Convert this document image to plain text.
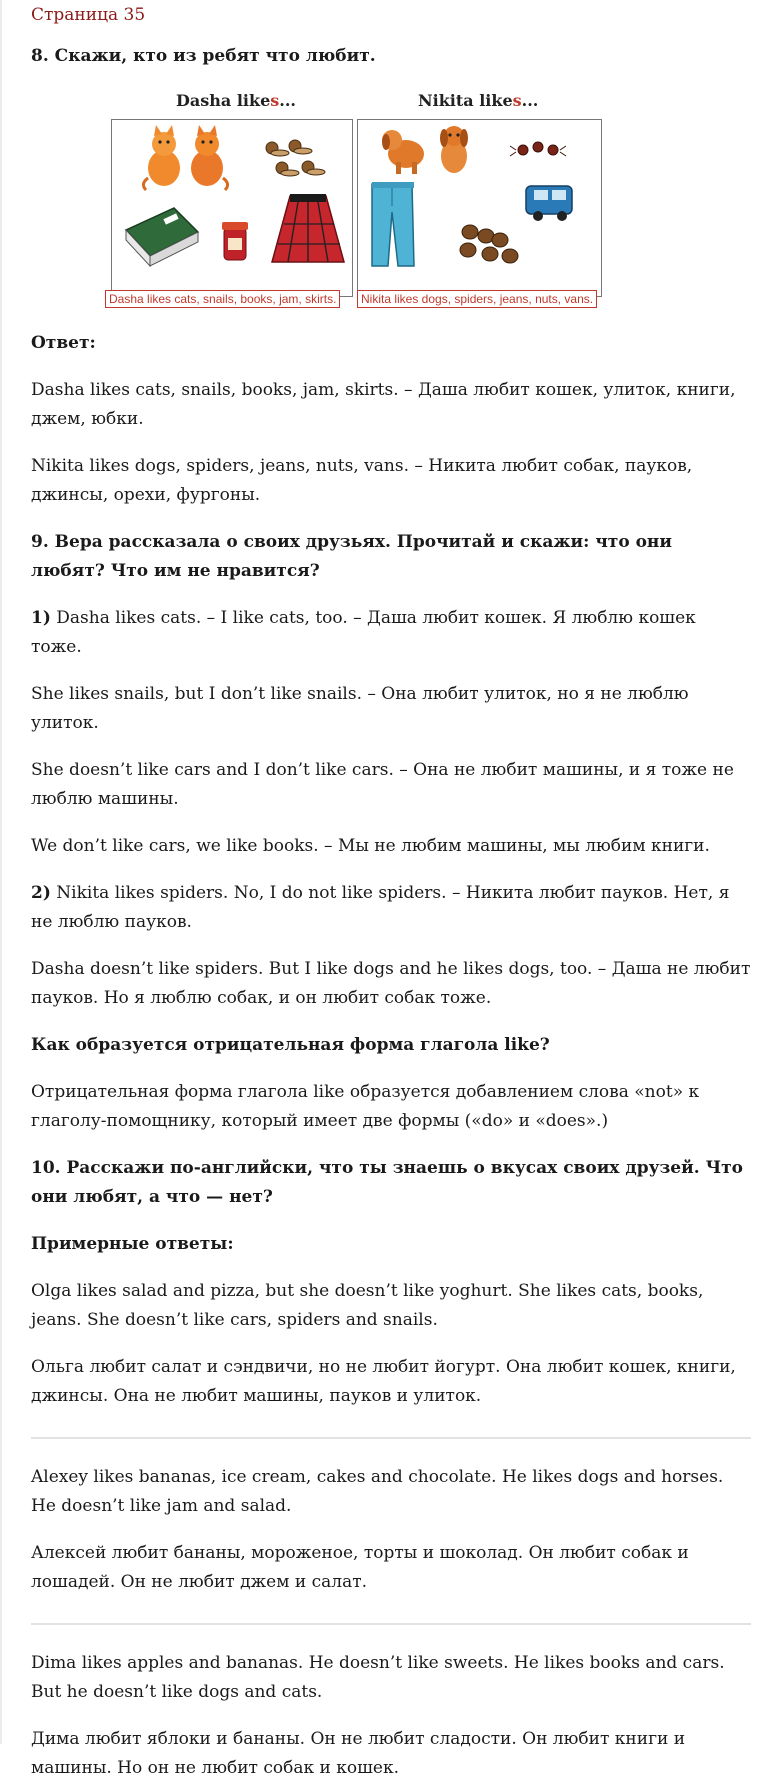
Страница 35
8. Скажи, кто из ребят что любит.
Dasha likes...	Nikita likes...
Dasha likes cats, snails, books, jam, skirts.	Nikita likes dogs, spiders, jeans, nuts, vans.
Ответ:

Dasha likes cats, snails, books, jam, skirts. – Даша любит кошек, улиток, книги, джем, юбки.

Nikita likes dogs, spiders, jeans, nuts, vans. – Никита любит собак, пауков, джинсы, орехи, фургоны.

9. Вера рассказала о своих друзьях. Прочитай и скажи: что они любят? Что им не нравится?

1) Dasha likes cats. – I like cats, too. – Даша любит кошек. Я люблю кошек тоже.

She likes snails, but I don’t like snails. – Она любит улиток, но я не люблю улиток.

She doesn’t like cars and I don’t like cars. – Она не любит машины, и я тоже не люблю машины.

We don’t like cars, we like books. – Мы не любим машины, мы любим книги.

2) Nikita likes spiders. No, I do not like spiders. – Никита любит пауков. Нет, я не люблю пауков.

Dasha doesn’t like spiders. But I like dogs and he likes dogs, too. – Даша не любит пауков. Но я люблю собак, и он любит собак тоже.

Как образуется отрицательная форма глагола like?

Отрицательная форма глагола like образуется добавлением слова «not» к глаголу-помощнику, который имеет две формы («do» и «does».)

10. Расскажи по-английски, что ты знаешь о вкусах своих друзей. Что они любят, а что — нет?
Примерные ответы:

Olga likes salad and pizza, but she doesn’t like yoghurt. She likes cats, books, jeans. She doesn’t like cars, spiders and snails.

Ольга любит салат и сэндвичи, но не любит йогурт. Она любит кошек, книги, джинсы. Она не любит машины, пауков и улиток.

Alexey likes bananas, ice cream, cakes and chocolate. He likes dogs and horses. He doesn’t like jam and salad.

Алексей любит бананы, мороженое, торты и шоколад. Он любит собак и лошадей. Он не любит джем и салат.

Dima likes apples and bananas. He doesn’t like sweets. He likes books and cars. But he doesn’t like dogs and cats.

Дима любит яблоки и бананы. Он не любит сладости. Он любит книги и машины. Но он не любит собак и кошек.
